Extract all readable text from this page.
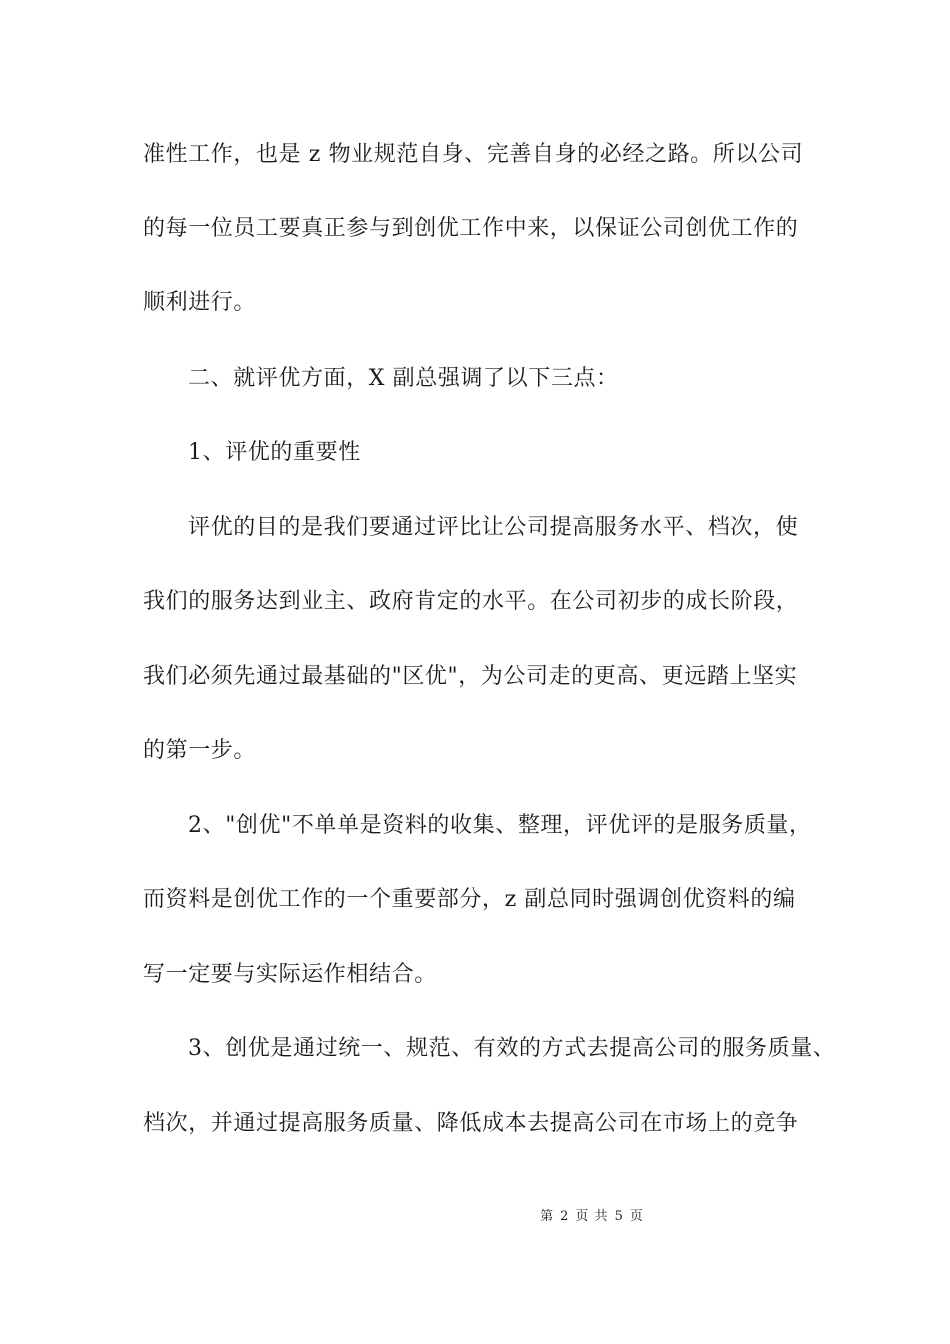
准性工作，也是 z 物业规范自身、完善自身的必经之路。所以公司
的每一位员工要真正参与到创优工作中来，以保证公司创优工作的
顺利进行。
二、就评优方面，X 副总强调了以下三点：
1、评优的重要性
评优的目的是我们要通过评比让公司提高服务水平、档次，使
我们的服务达到业主、政府肯定的水平。在公司初步的成长阶段，
我们必须先通过最基础的"区优"，为公司走的更高、更远踏上坚实
的第一步。
2、"创优"不单单是资料的收集、整理，评优评的是服务质量，
而资料是创优工作的一个重要部分，z 副总同时强调创优资料的编
写一定要与实际运作相结合。
3、创优是通过统一、规范、有效的方式去提高公司的服务质量、
档次，并通过提高服务质量、降低成本去提高公司在市场上的竞争
第 2 页 共 5 页
